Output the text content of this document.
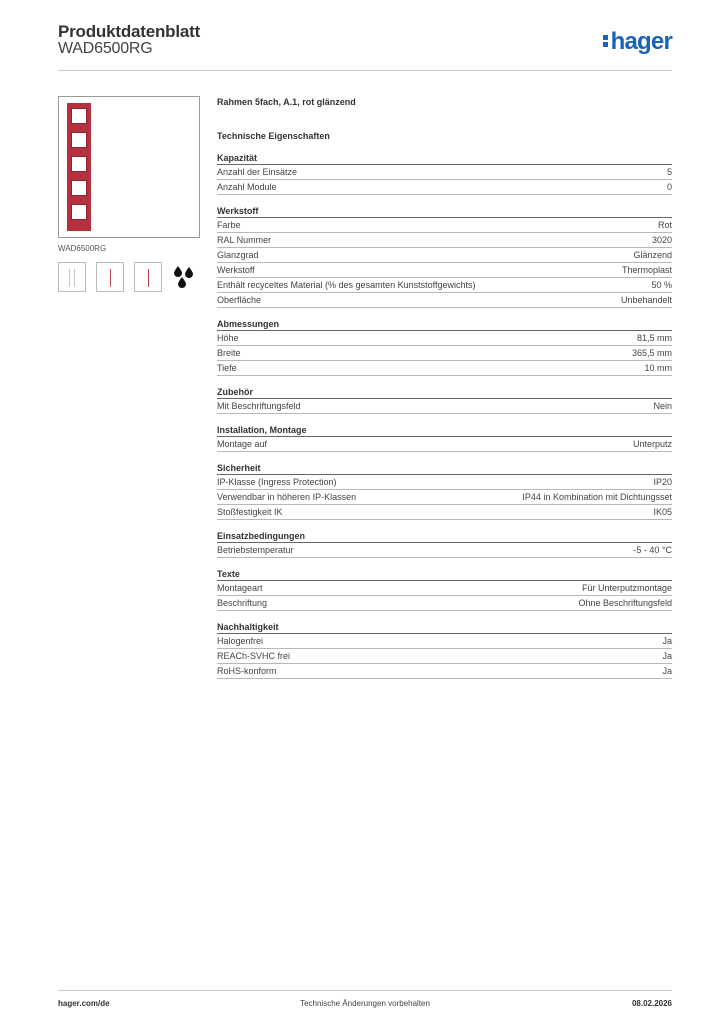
Produktdatenblatt
WAD6500RG	hager
WAD6500RG
Rahmen 5fach, A.1, rot glänzend
Technische Eigenschaften
Kapazität
Anzahl der Einsätze	5
Anzahl Module	0
Werkstoff
Farbe	Rot
RAL Nummer	3020
Glanzgrad	Glänzend
Werkstoff	Thermoplast
Enthält recyceltes Material (% des gesamten Kunststoffgewichts)	50 %
Oberfläche	Unbehandelt
Abmessungen
Höhe	81,5 mm
Breite	365,5 mm
Tiefe	10 mm
Zubehör
Mit Beschriftungsfeld	Nein
Installation, Montage
Montage auf	Unterputz
Sicherheit
IP-Klasse (Ingress Protection)	IP20
Verwendbar in höheren IP-Klassen	IP44 in Kombination mit Dichtungsset
Stoßfestigkeit IK	IK05
Einsatzbedingungen
Betriebstemperatur	-5 - 40 °C
Texte
Montageart	Für Unterputzmontage
Beschriftung	Ohne Beschriftungsfeld
Nachhaltigkeit
Halogenfrei	Ja
REACh-SVHC frei	Ja
RoHS-konform	Ja
hager.com/de	Technische Änderungen vorbehalten	08.02.2026
